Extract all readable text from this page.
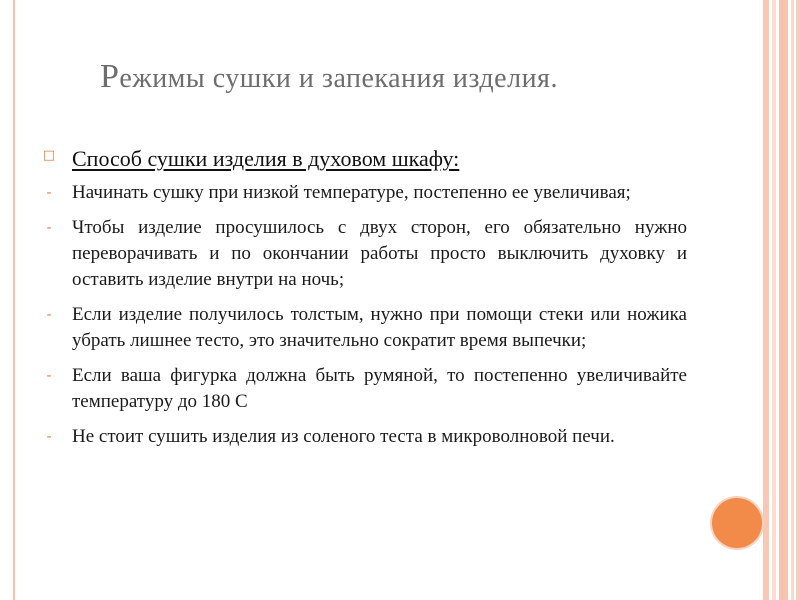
Режимы сушки и запекания изделия.
□ Способ сушки изделия в духовом шкафу:
- Начинать сушку при низкой температуре, постепенно ее увеличивая;
- Чтобы изделие просушилось с двух сторон, его обязательно нужно переворачивать и по окончании работы просто выключить духовку и оставить изделие внутри на ночь;
- Если изделие получилось толстым, нужно при помощи стеки или ножика убрать лишнее тесто, это значительно сократит время выпечки;
- Если ваша фигурка должна быть румяной, то постепенно увеличивайте температуру до 180 С
- Не стоит сушить изделия из соленого теста в микроволновой печи.
